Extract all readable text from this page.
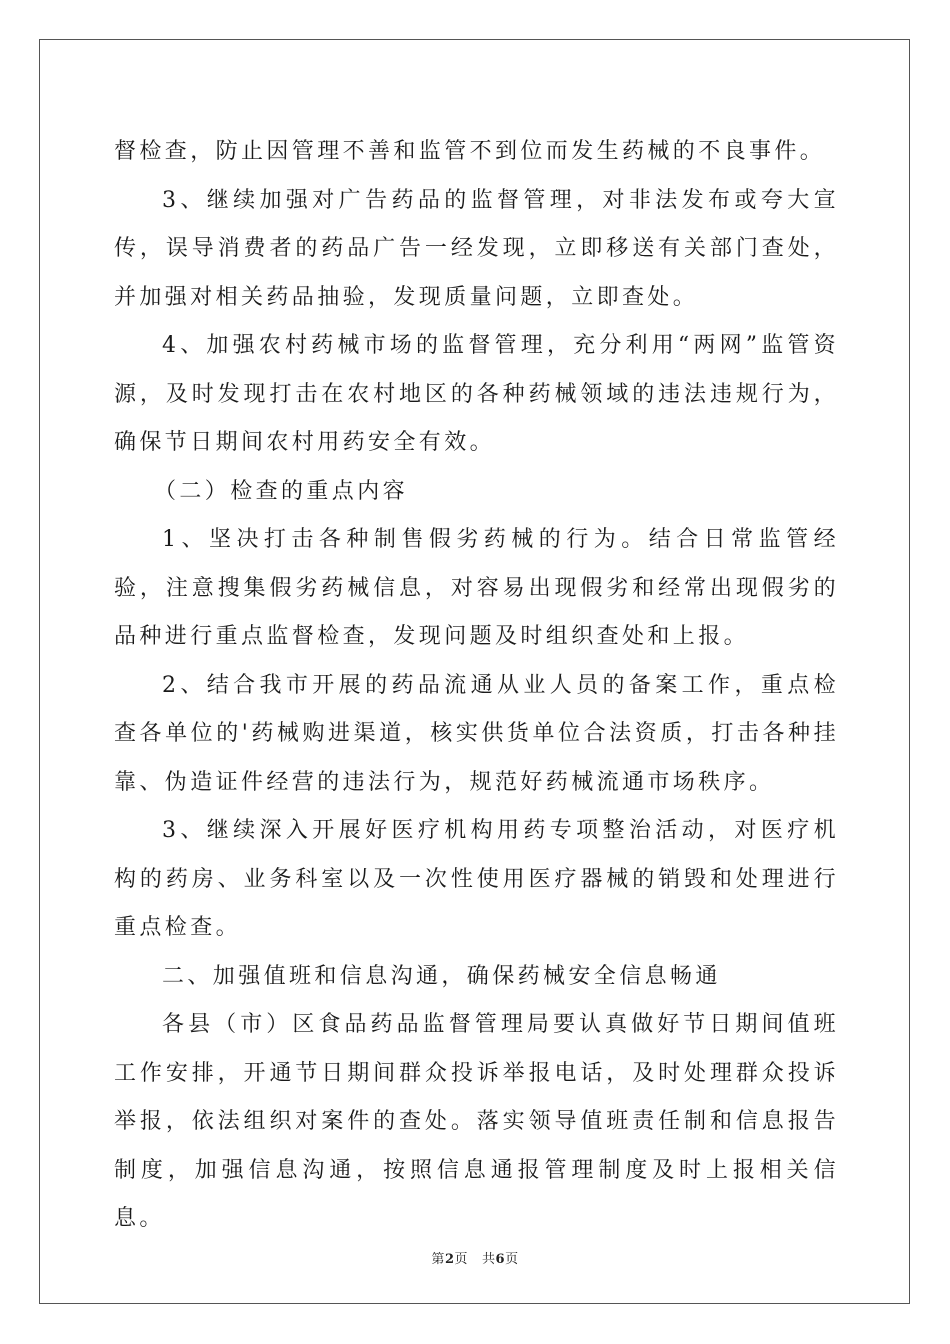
督检查，防止因管理不善和监管不到位而发生药械的不良事件。

3、继续加强对广告药品的监督管理，对非法发布或夸大宣传，误导消费者的药品广告一经发现，立即移送有关部门查处，并加强对相关药品抽验，发现质量问题，立即查处。

4、加强农村药械市场的监督管理，充分利用“两网”监管资源，及时发现打击在农村地区的各种药械领域的违法违规行为，确保节日期间农村用药安全有效。

（二）检查的重点内容

1、坚决打击各种制售假劣药械的行为。结合日常监管经验，注意搜集假劣药械信息，对容易出现假劣和经常出现假劣的品种进行重点监督检查，发现问题及时组织查处和上报。

2、结合我市开展的药品流通从业人员的备案工作，重点检查各单位的'药械购进渠道，核实供货单位合法资质，打击各种挂靠、伪造证件经营的违法行为，规范好药械流通市场秩序。

3、继续深入开展好医疗机构用药专项整治活动，对医疗机构的药房、业务科室以及一次性使用医疗器械的销毁和处理进行重点检查。

二、加强值班和信息沟通，确保药械安全信息畅通

各县（市）区食品药品监督管理局要认真做好节日期间值班工作安排，开通节日期间群众投诉举报电话，及时处理群众投诉举报，依法组织对案件的查处。落实领导值班责任制和信息报告制度，加强信息沟通，按照信息通报管理制度及时上报相关信息。

第2页 共6页
